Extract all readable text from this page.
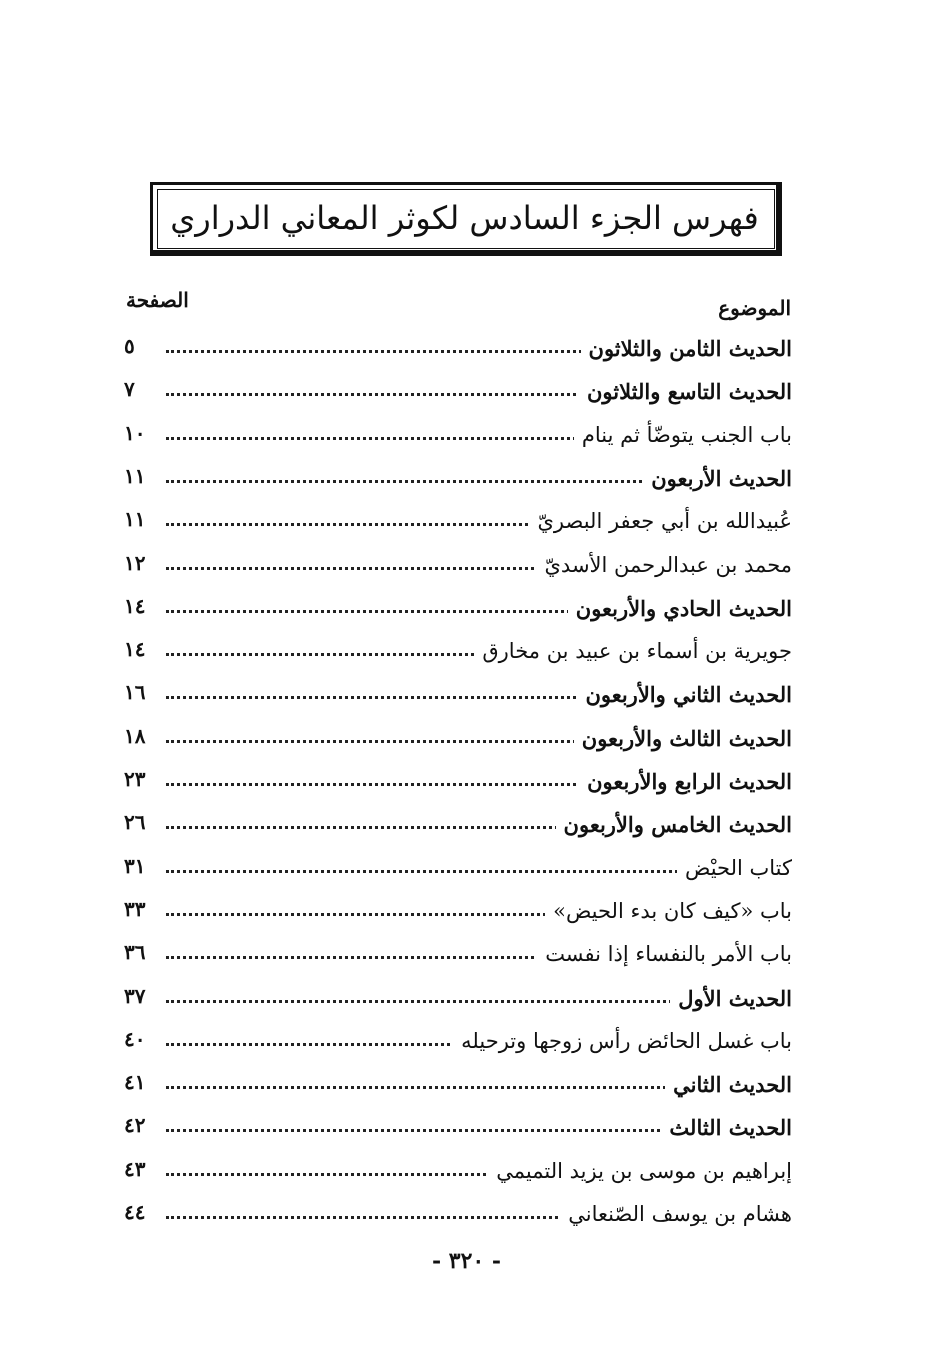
فهرس الجزء السادس لكوثر المعاني الدراري
الموضوع
الصفحة
الحديث الثامن والثلاثون
٥
الحديث التاسع والثلاثون
٧
باب الجنب يتوضّأ ثم ينام
١٠
الحديث الأربعون
١١
عُبيدالله بن أبي جعفر البصريّ
١١
محمد بن عبدالرحمن الأسديّ
١٢
الحديث الحادي والأربعون
١٤
جويرية بن أسماء بن عبيد بن مخارق
١٤
الحديث الثاني والأربعون
١٦
الحديث الثالث والأربعون
١٨
الحديث الرابع والأربعون
٢٣
الحديث الخامس والأربعون
٢٦
كتاب الحيْض
٣١
باب «كيف كان بدء الحيض»
٣٣
باب الأمر بالنفساء إذا نفست
٣٦
الحديث الأول
٣٧
باب غسل الحائض رأس زوجها وترحيله
٤٠
الحديث الثاني
٤١
الحديث الثالث
٤٢
إبراهيم بن موسى بن يزيد التميمي
٤٣
هشام بن يوسف الصّنعاني
٤٤
- ٣٢٠ -
